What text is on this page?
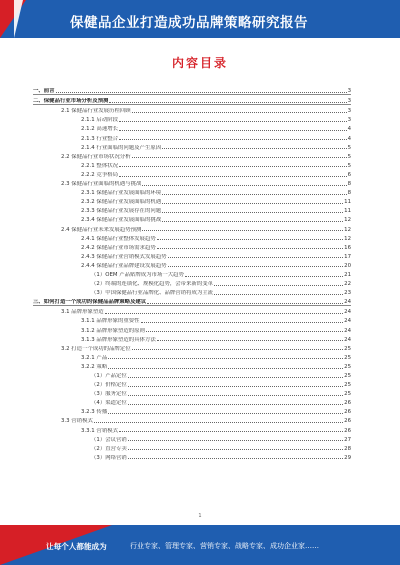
保健品企业打造成功品牌策略研究报告
内容目录
一、前言	3
二、保健品行业市场分析及预测	3
2.1 保健品行业发展历程回顾	3
2.1.1 启动阶段	3
2.1.2 高速增长	4
2.1.3 行业整合	4
2.1.4 行业面临的问题及产生原因	5
2.2 保健品行业市场状况分析	5
2.2.1 整体状况	5
2.2.2 竞争格局	6
2.3 保健品行业面临的机遇与挑战	8
2.3.1 保健品行业发展面临的环境	8
2.3.2 保健品行业发展面临的机遇	11
2.3.3 保健品行业发展存在的问题	11
2.3.4 保健品行业发展面临的挑战	12
2.4 保健品行业未来发展趋势预测	12
2.4.1 保健品行业整体发展趋势	12
2.4.2 保健品行业市场需求趋势	16
2.4.3 保健品行业营销模式发展趋势	17
2.4.4 保健品行业品牌建设发展趋势	20
（1）OEM 产品贴牌成为市场一大趋势	21
（2）终端的连锁化、规模化趋势，会带来新的变革	22
（3）中国保健品行业品牌化、品牌营销将成为主流	23
三、如何打造一个成功的保健品品牌策略及建议	24
3.1 品牌形象塑造	24
3.1.1 品牌形象的重要性	24
3.1.2 品牌形象塑造的原则	24
3.1.3 品牌形象塑造的具体方法	24
3.2 打造一个成功的品牌定位	25
3.2.1 产品	25
3.2.2 策略	25
（1）产品定位	25
（2）价格定位	25
（3）服务定位	25
（4）渠道定位	26
3.2.3 传播	26
3.3 营销模式	26
3.3.1 营销模式	26
（1）会议营销	27
（2）直营专卖	28
（3）网络营销	29
1
让每个人都能成为	行业专家、管理专家、营销专家、战略专家、成功企业家……
